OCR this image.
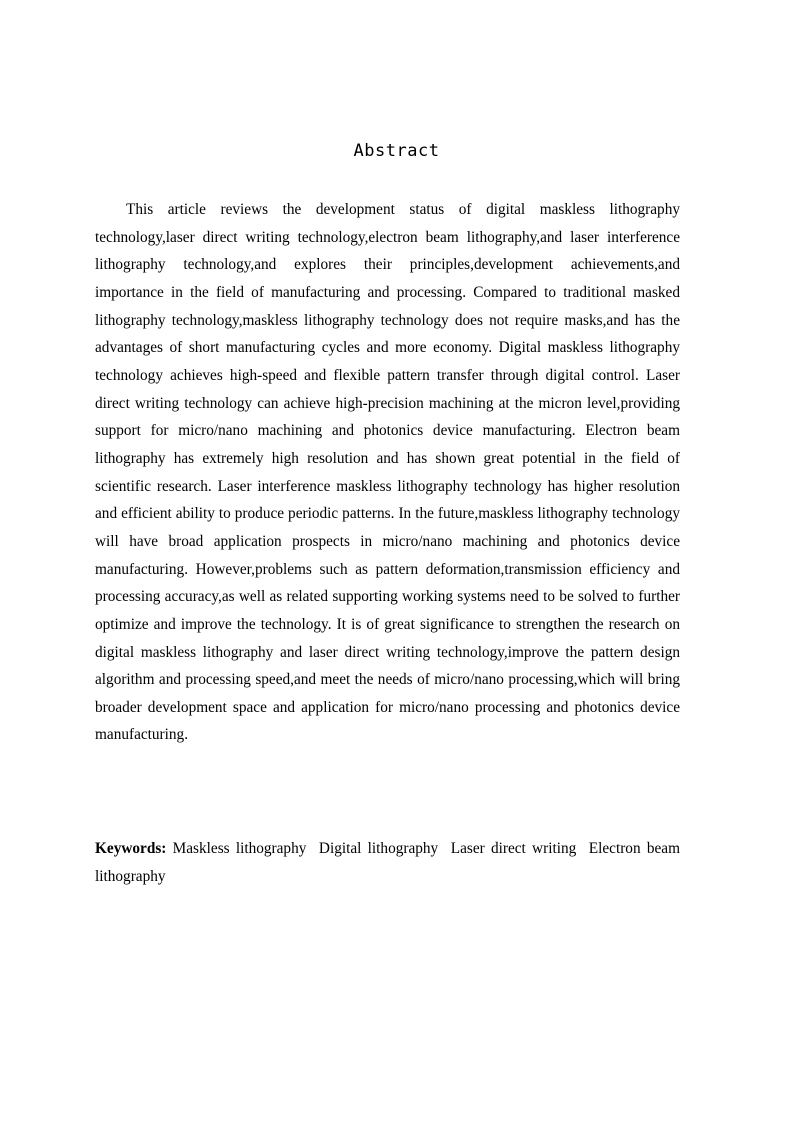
Abstract

This article reviews the development status of digital maskless lithography technology,laser direct writing technology,electron beam lithography,and laser interference lithography technology,and explores their principles,development achievements,and importance in the field of manufacturing and processing. Compared to traditional masked lithography technology,maskless lithography technology does not require masks,and has the advantages of short manufacturing cycles and more economy. Digital maskless lithography technology achieves high-speed and flexible pattern transfer through digital control. Laser direct writing technology can achieve high-precision machining at the micron level,providing support for micro/nano machining and photonics device manufacturing. Electron beam lithography has extremely high resolution and has shown great potential in the field of scientific research. Laser interference maskless lithography technology has higher resolution and efficient ability to produce periodic patterns. In the future,maskless lithography technology will have broad application prospects in micro/nano machining and photonics device manufacturing. However,problems such as pattern deformation,transmission efficiency and processing accuracy,as well as related supporting working systems need to be solved to further optimize and improve the technology. It is of great significance to strengthen the research on digital maskless lithography and laser direct writing technology,improve the pattern design algorithm and processing speed,and meet the needs of micro/nano processing,which will bring broader development space and application for micro/nano processing and photonics device manufacturing.

Keywords: Maskless lithography Digital lithography Laser direct writing Electron beam lithography
